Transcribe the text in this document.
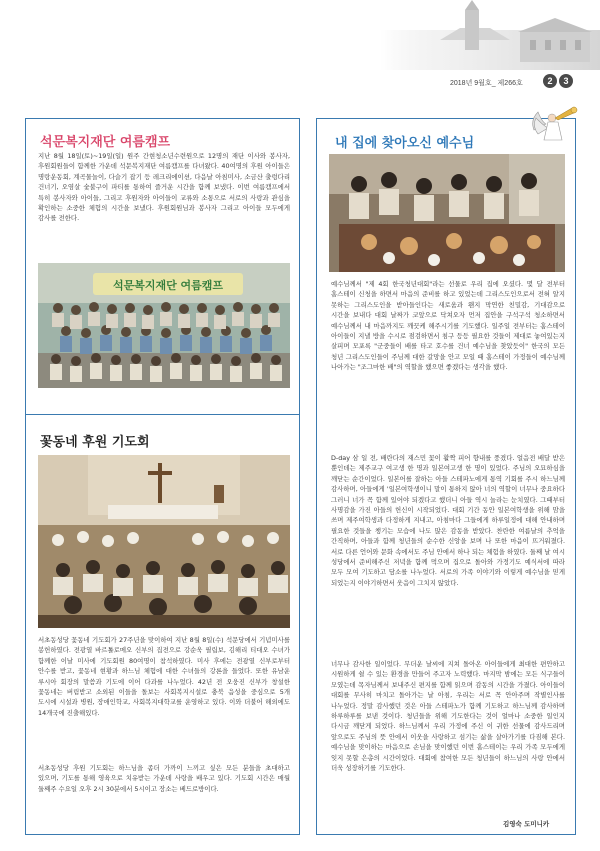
2018년 9월호_ 제266호	2	3
석문복지재단 여름캠프
지난 8월 18일(토)~19일(일) 원주 간현청소년수련원으로 12명의 재단 이사와 봉사자, 후원회원들이 함께한 가운데 석문복지재단 여름캠프를 다녀왔다. 40여명의 후원 아이들은 명랑운동회, 계곡물놀이, 다슬기 잡기 등 레크리에이션, 다음날 아침미사, 소금산 출렁다리 건너기, 오염살 숯불구이 파티를 통하여 즐거운 시간을 함께 보냈다. 이번 여름캠프에서 특히 봉사자와 아이들, 그리고 후원자와 아이들이 교류와 소통으로 서로의 사랑과 관심을 확인하는 소중한 체험의 시간을 보냈다. 후원회원님과 봉사자 그리고 아이들 모두에게 감사를 전한다.
석문복지재단 여름캠프
꽃동네 후원 기도회
서초동성당 꽃동네 기도회가 27주년을 맞이하여 지난 8월 8일(수) 석문당에서 기념미사를 봉헌하였다. 전광열 바르톨로메오 신부의 집전으로 강순욱 필립보, 김해리 티대오 수녀가 함께한 이날 미사에 기도회원 80여명이 참석하였다. 미사 후에는 전광열 신부로부터 안수를 받고, 꽃동네 현황과 하느님 체험에 대한 수녀들의 강론을 들었다. 또한 유남운 루시아 회장의 말씀과 기도에 이어 다과를 나누었다. 42년 전 오웅진 신부가 창설한 꽃동네는 버림받고 소외된 이들을 돌보는 사회복지시설로 충북 음성을 중심으로 5개 도시에 시설과 병원, 장애인학교, 사회복지대학교를 운영하고 있다. 이와 더불어 해외에도 14개국에 진출해있다.
서초동성당 후원 기도회는 하느님을 좀더 가까이 느끼고 싶은 모든 분들을 초대하고 있으며, 기도를 통해 영육으로 치유받는 가운데 사랑을 배우고 있다. 기도회 시간은 매월 둘째주 수요일 오후 2시 30분에서 5시이고 장소는 베드로방이다.
내 집에 찾아오신 예수님
예수님께서 "제 4회 한국청년대회"라는 선물로 우리 집에 오셨다. 몇 달 전부터 홈스테이 신청을 하면서 마음의 준비를 하고 있었는데 그리스도인으로서 전혀 알지 못하는 그리스도인을 받아들인다는 새로움과 왠지 막연한 친밀감, 기대감으로 시간을 보내다 대회 날짜가 코앞으로 닥쳐오자 먼저 집안을 구석구석 청소하면서 예수님께서 내 마음까지도 깨끗케 해주시기를 기도했다. 일주일 전부터는 홈스테이 아이들이 지낼 방을 수시로 점검하면서 침구 등등 필요한 것들이 제대로 놓여있는지 살피며 모포록 "군중들이 배를 타고 호수를 건너 예수님을 찾았듯이" 한국의 모든 청년 그리스도인들이 주님께 대한 갈망을 안고 모일 때 홈스테이 가정들이 예수님께 나아가는 "조그마한 배"의 역할을 했으면 좋겠다는 생각을 했다.
D-day 삼 일 전, 배란다의 재스민 꽃이 활짝 피어 향내를 풍겼다. 얼음전 배달 받은 뿐인데는 제주교구 여고생 한 명과 일본여고생 한 명이 있었다. 주님의 오묘하심을 깨닫는 순간이었다. 일본어를 잘하는 아들 스테파노에게 통역 기회를 주시 하느님께 감사하며, 아들에게 '일본여학생이니 말이 통하지 않아 너의 역할이 너무나 중요하다 그러니 너가 꼭 함께 있어야 되겠다고 했더니 아들 역시 놀라는 눈치였다. 그때부터 사명감을 가진 아들의 헌신이 시작되었다. 대회 기간 동안 일본여학생을 위해 맘을 쓰며 제주여학생과 다정하게 지내고, 아침마다 그들에게 하루일정에 대해 안내하며 필요한 것들을 챙기는 모습에 나도 많은 감동을 받았다. 찬란한 여름날의 추억을 간직하며, 아들과 함께 청년들의 순수한 신앙을 보며 나 또한 마음이 뜨거워졌다. 서로 다른 언어와 문화 속에서도 주님 안에서 하나 되는 체험을 하였다. 둘째 날 여시 성당에서 준비해주신 저녁을 함께 먹으며 집으로 돌아와 가정기도 예식서에 따라 모두 모여 기도하고 담소를 나누었다. 서로의 가족 이야기와 이렇게 예수님을 믿게 되었는지 이야기하면서 웃음이 그치지 않았다.
너무나 감사한 일이었다. 무더운 날씨에 지쳐 돌아온 아이들에게 최대한 편안하고 시원하게 쉴 수 있는 환경을 만들어 주고자 노력했다. 마지막 밤에는 모든 식구들이 모였는데 목자님께서 보내주신 편지를 함께 읽으며 감동의 시간을 가졌다. 아이들이 대회를 무사히 마치고 돌아가는 날 아침, 우리는 서로 꼭 안아주며 작별인사를 나누었다. 정말 감사했던 것은 아들 스테파노가 함께 기도하고 하느님께 감사하며 하루하루를 보낸 것이다. 청년들을 위해 기도한다는 것이 얼마나 소중한 일인지 다시금 깨닫게 되었다. 하느님께서 우리 가정에 주신 이 귀한 선물에 감사드리며 앞으로도 주님의 뜻 안에서 이웃을 사랑하고 섬기는 삶을 살아가기를 다짐해 본다. 예수님을 맞이하는 마음으로 손님을 맞이했던 이번 홈스테이는 우리 가족 모두에게 잊지 못할 은총의 시간이었다. 대회에 참여한 모든 청년들이 하느님의 사랑 안에서 더욱 성장하기를 기도한다.
김영숙 도미니카
